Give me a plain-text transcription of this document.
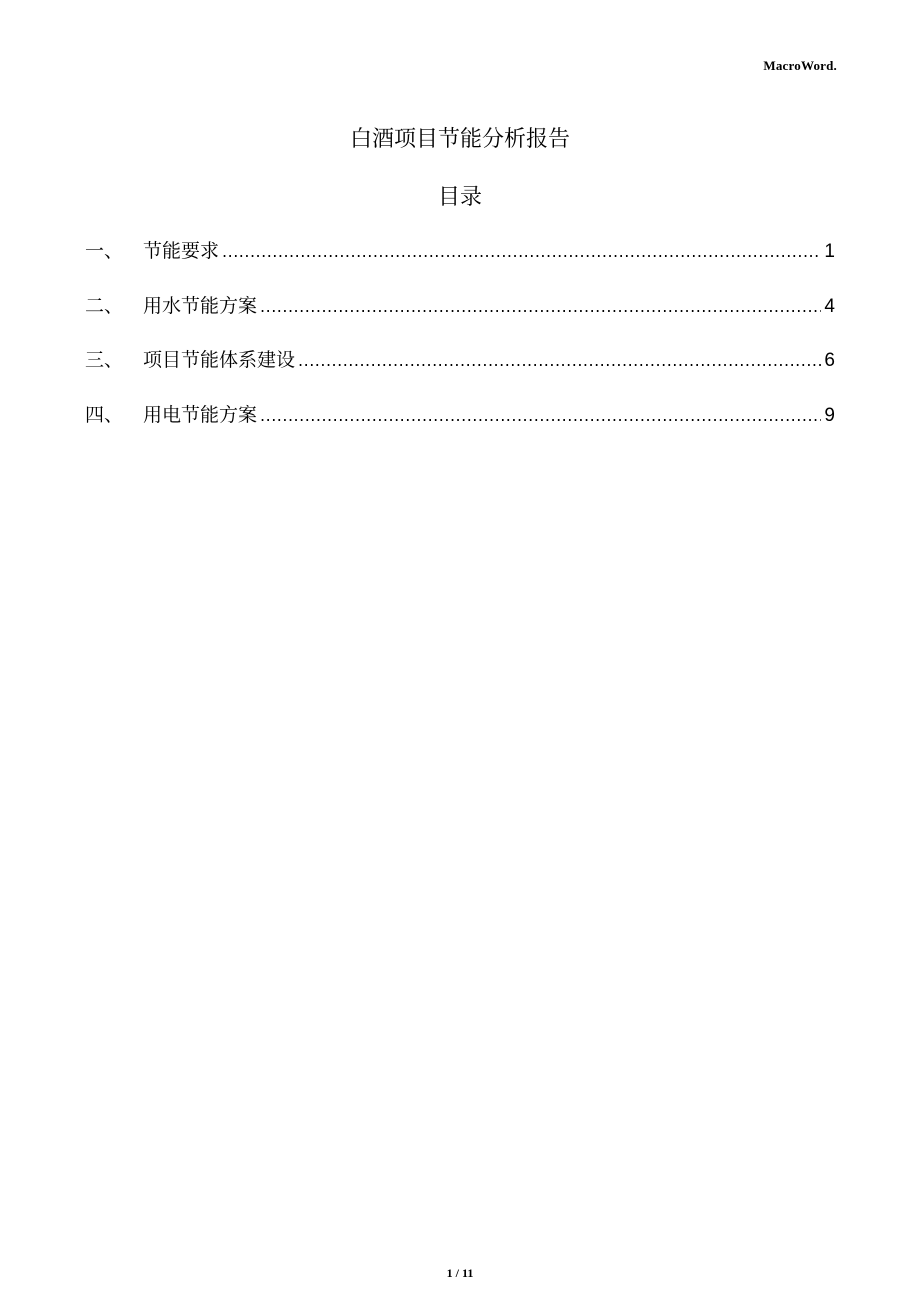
MacroWord.
白酒项目节能分析报告
目录
一、	节能要求 .....	1
二、	用水节能方案 .....	4
三、	项目节能体系建设 .....	6
四、	用电节能方案 .....	9
1 / 11
